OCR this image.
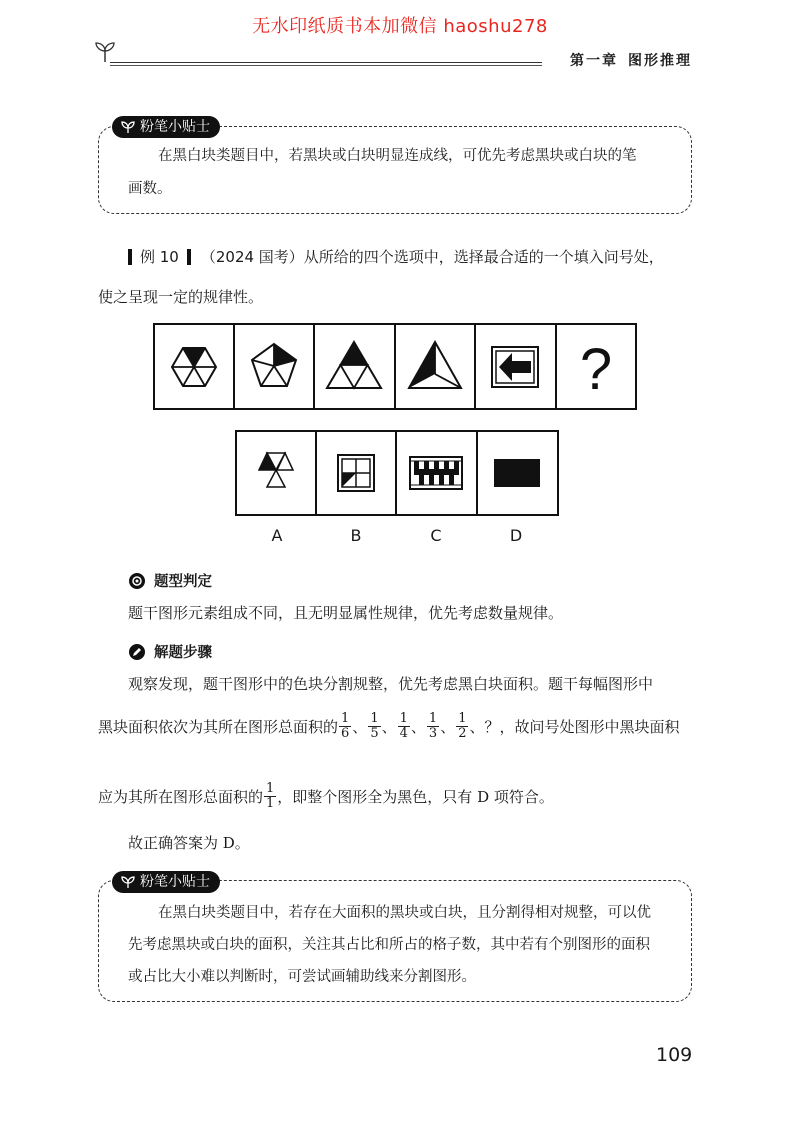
无水印纸质书本加微信 haoshu278
第一章 图形推理
粉笔小贴士
在黑白块类题目中，若黑块或白块明显连成线，可优先考虑黑块或白块的笔
画数。
例 10 （2024 国考）从所给的四个选项中，选择最合适的一个填入问号处，
使之呈现一定的规律性。
?
A	B	C	D
题型判定
题干图形元素组成不同，且无明显属性规律，优先考虑数量规律。
解题步骤
观察发现，题干图形中的色块分割规整，优先考虑黑白块面积。题干每幅图形中
黑块面积依次为其所在图形总面积的 $\frac{1}{6}$ 、 $\frac{1}{5}$ 、 $\frac{1}{4}$ 、 $\frac{1}{3}$ 、 $\frac{1}{2}$ 、 ？，故问号处图形中黑块面积
应为其所在图形总面积的 $\frac{1}{1}$ ，即整个图形全为黑色，只有 D 项符合。
故正确答案为 D。
粉笔小贴士
在黑白块类题目中，若存在大面积的黑块或白块，且分割得相对规整，可以优
先考虑黑块或白块的面积，关注其占比和所占的格子数，其中若有个别图形的面积
或占比大小难以判断时，可尝试画辅助线来分割图形。
109
